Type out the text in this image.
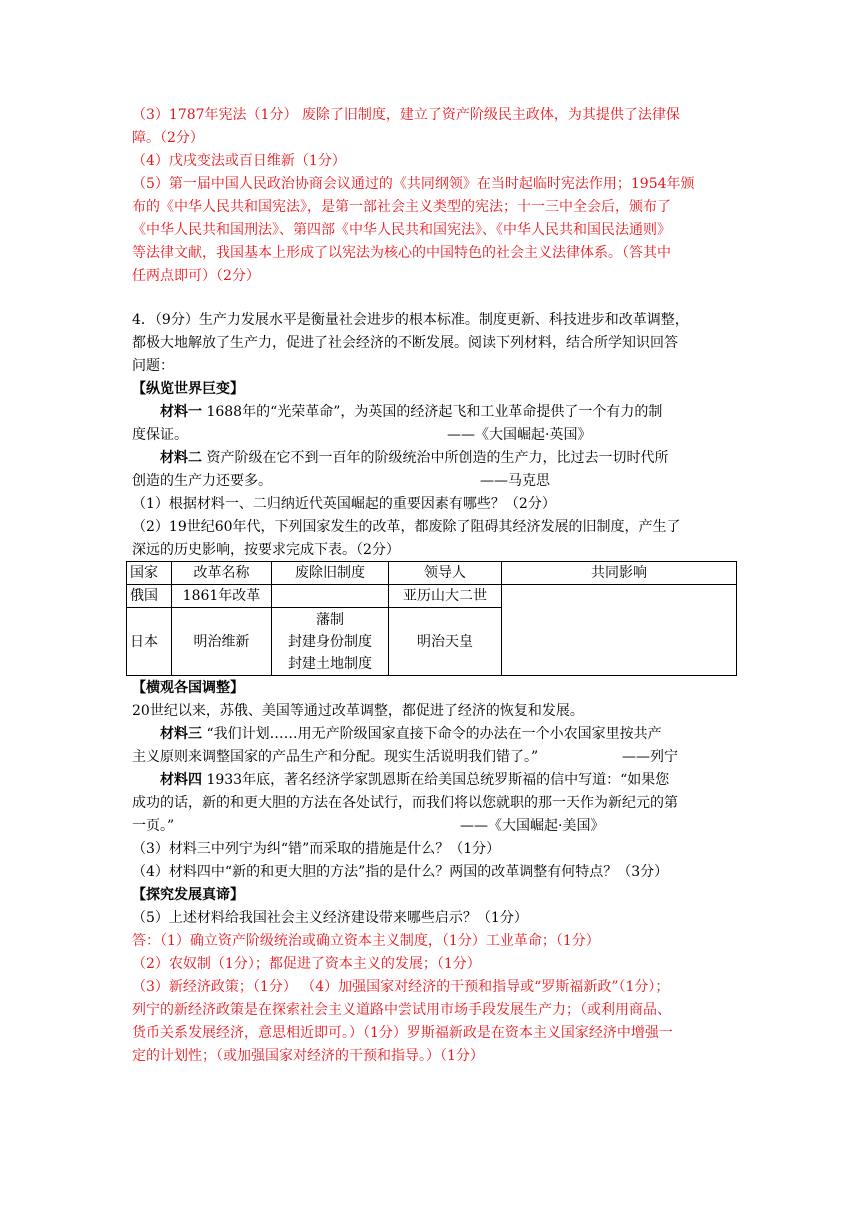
（3）1787年宪法（1分） 废除了旧制度，建立了资产阶级民主政体，为其提供了法律保
障。（2分）
（4）戊戌变法或百日维新（1分）
（5）第一届中国人民政治协商会议通过的《共同纲领》在当时起临时宪法作用；1954年颁
布的《中华人民共和国宪法》，是第一部社会主义类型的宪法；十一三中全会后，颁布了
《中华人民共和国刑法》、第四部《中华人民共和国宪法》、《中华人民共和国民法通则》
等法律文献，我国基本上形成了以宪法为核心的中国特色的社会主义法律体系。（答其中
任两点即可）（2分）
4．（9分）生产力发展水平是衡量社会进步的根本标准。制度更新、科技进步和改革调整，
都极大地解放了生产力，促进了社会经济的不断发展。阅读下列材料，结合所学知识回答
问题：
【纵览世界巨变】
材料一 1688年的“光荣革命”，为英国的经济起飞和工业革命提供了一个有力的制
度保证。	——《大国崛起·英国》
材料二 资产阶级在它不到一百年的阶级统治中所创造的生产力，比过去一切时代所
创造的生产力还要多。	——马克思
（1）根据材料一、二归纳近代英国崛起的重要因素有哪些？（2分）
（2）19世纪60年代，下列国家发生的改革，都废除了阻碍其经济发展的旧制度，产生了
深远的历史影响，按要求完成下表。（2分）
国家	改革名称	废除旧制度	领导人	共同影响
俄国	1861年改革		亚历山大二世	
日本	明治维新	藩制
封建身份制度
封建土地制度	明治天皇	
【横观各国调整】
20世纪以来，苏俄、美国等通过改革调整，都促进了经济的恢复和发展。
材料三 “我们计划……用无产阶级国家直接下命令的办法在一个小农国家里按共产
主义原则来调整国家的产品生产和分配。现实生活说明我们错了。”	——列宁
材料四 1933年底，著名经济学家凯恩斯在给美国总统罗斯福的信中写道：“如果您
成功的话，新的和更大胆的方法在各处试行，而我们将以您就职的那一天作为新纪元的第
一页。”	——《大国崛起·美国》
（3）材料三中列宁为纠“错”而采取的措施是什么？（1分）
（4）材料四中“新的和更大胆的方法”指的是什么？两国的改革调整有何特点？（3分）
【探究发展真谛】
（5）上述材料给我国社会主义经济建设带来哪些启示？（1分）
答：（1）确立资产阶级统治或确立资本主义制度，（1分）工业革命；（1分）
（2）农奴制（1分）；都促进了资本主义的发展；（1分）
（3）新经济政策；（1分） （4）加强国家对经济的干预和指导或“罗斯福新政”（1分）；
列宁的新经济政策是在探索社会主义道路中尝试用市场手段发展生产力；（或利用商品、
货币关系发展经济，意思相近即可。）（1分）罗斯福新政是在资本主义国家经济中增强一
定的计划性；（或加强国家对经济的干预和指导。）（1分）
